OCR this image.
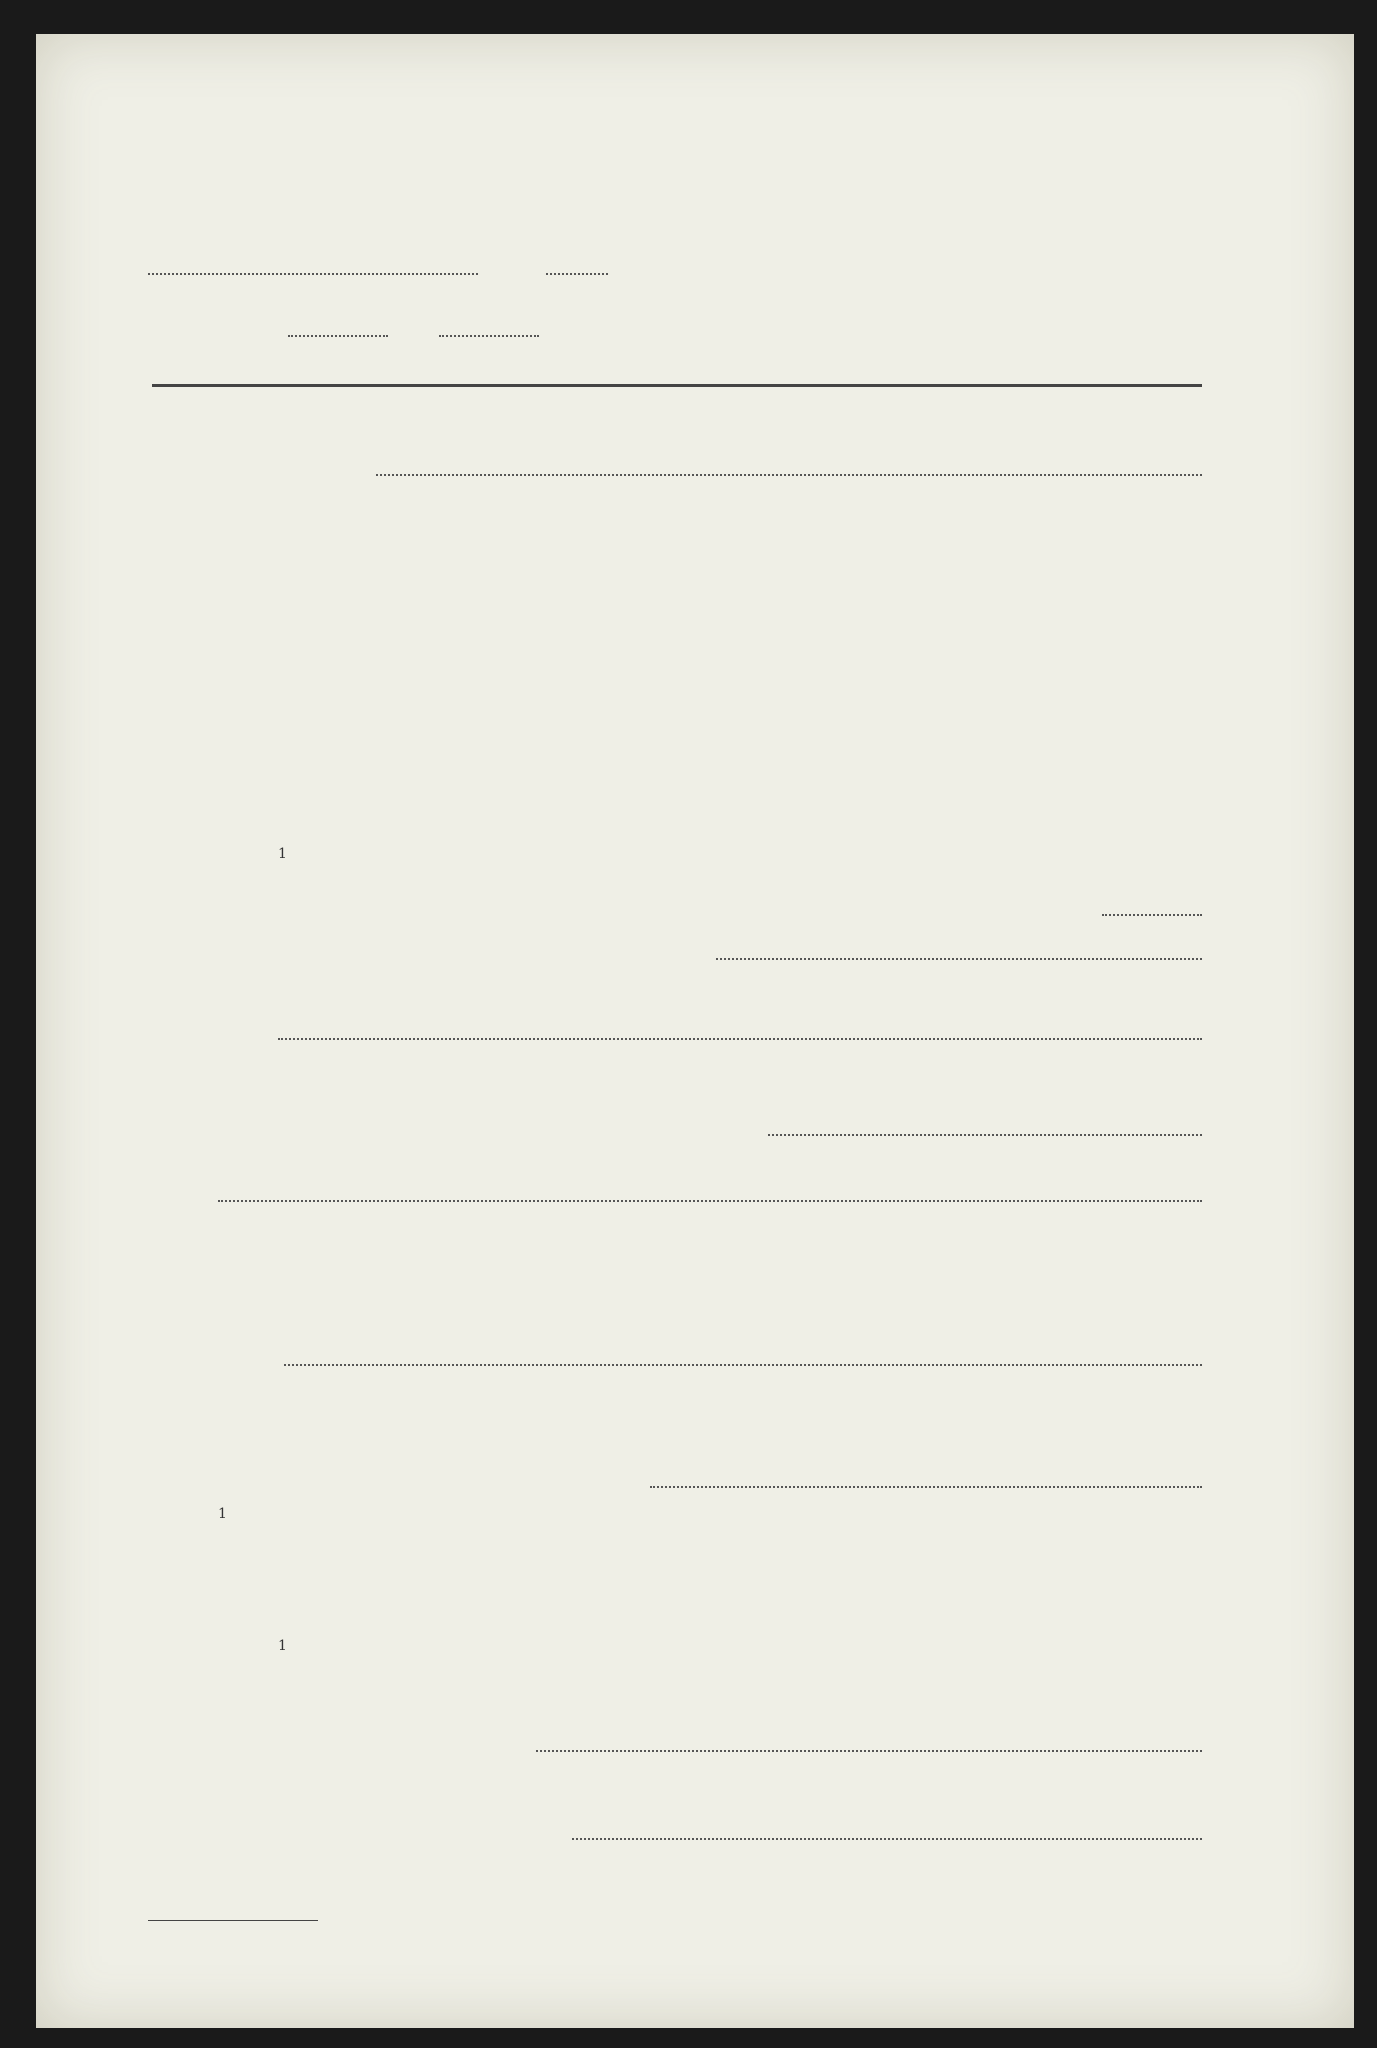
$^1$
$^1$
$^1$
